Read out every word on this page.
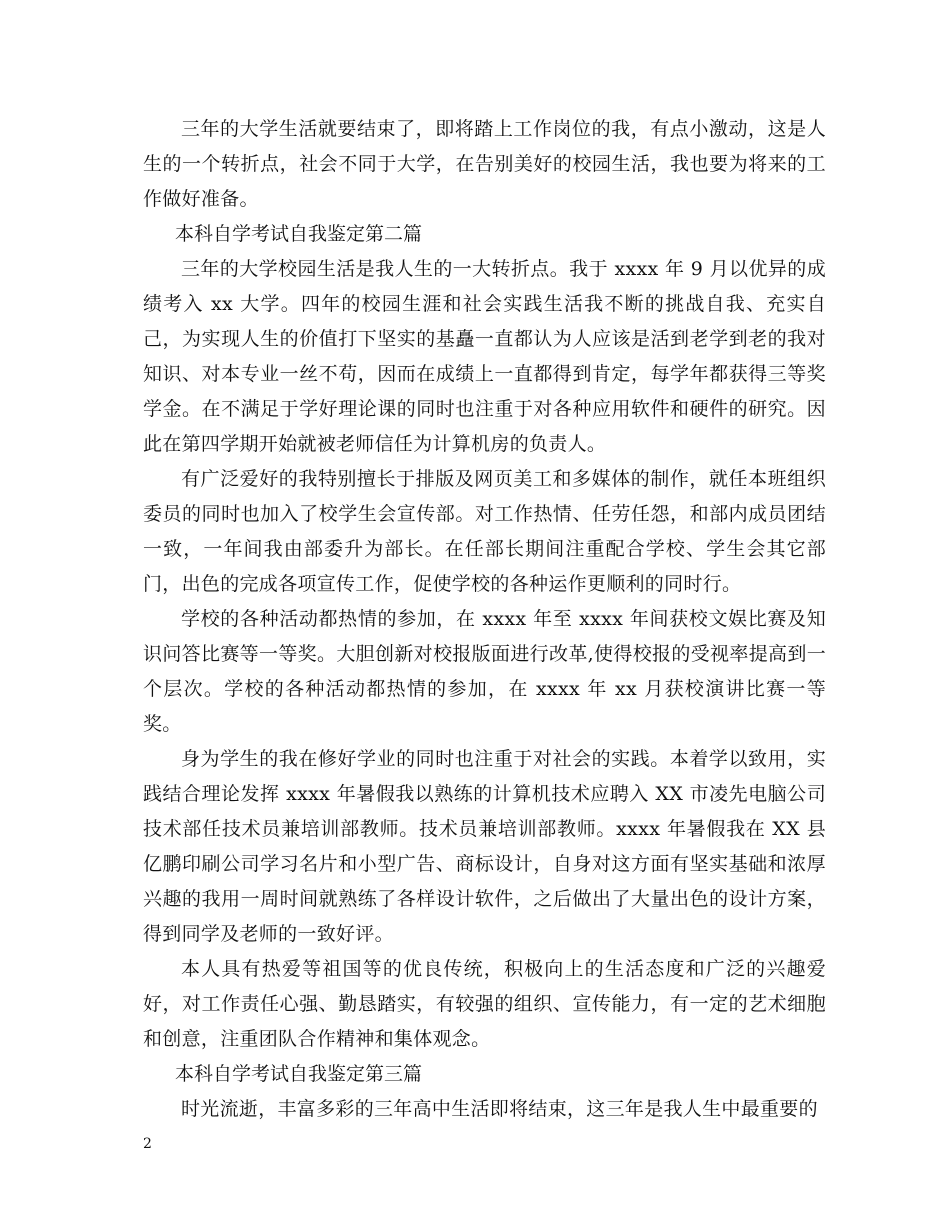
三年的大学生活就要结束了，即将踏上工作岗位的我，有点小激动，这是人生的一个转折点，社会不同于大学，在告别美好的校园生活，我也要为将来的工作做好准备。

本科自学考试自我鉴定第二篇

三年的大学校园生活是我人生的一大转折点。我于 xxxx 年 9 月以优异的成绩考入 xx 大学。四年的校园生涯和社会实践生活我不断的挑战自我、充实自己，为实现人生的价值打下坚实的基矗一直都认为人应该是活到老学到老的我对知识、对本专业一丝不苟，因而在成绩上一直都得到肯定，每学年都获得三等奖学金。在不满足于学好理论课的同时也注重于对各种应用软件和硬件的研究。因此在第四学期开始就被老师信任为计算机房的负责人。

有广泛爱好的我特别擅长于排版及网页美工和多媒体的制作，就任本班组织委员的同时也加入了校学生会宣传部。对工作热情、任劳任怨，和部内成员团结一致，一年间我由部委升为部长。在任部长期间注重配合学校、学生会其它部门，出色的完成各项宣传工作，促使学校的各种运作更顺利的同时行。

学校的各种活动都热情的参加，在 xxxx 年至 xxxx 年间获校文娱比赛及知识问答比赛等一等奖。大胆创新对校报版面进行改革,使得校报的受视率提高到一个层次。学校的各种活动都热情的参加，在 xxxx 年 xx 月获校演讲比赛一等奖。

身为学生的我在修好学业的同时也注重于对社会的实践。本着学以致用，实践结合理论发挥 xxxx 年暑假我以熟练的计算机技术应聘入 XX 市凌先电脑公司技术部任技术员兼培训部教师。技术员兼培训部教师。xxxx 年暑假我在 XX 县亿鹏印刷公司学习名片和小型广告、商标设计，自身对这方面有坚实基础和浓厚兴趣的我用一周时间就熟练了各样设计软件，之后做出了大量出色的设计方案，得到同学及老师的一致好评。

本人具有热爱等祖国等的优良传统，积极向上的生活态度和广泛的兴趣爱好，对工作责任心强、勤恳踏实，有较强的组织、宣传能力，有一定的艺术细胞和创意，注重团队合作精神和集体观念。

本科自学考试自我鉴定第三篇

时光流逝，丰富多彩的三年高中生活即将结束，这三年是我人生中最重要的

2
